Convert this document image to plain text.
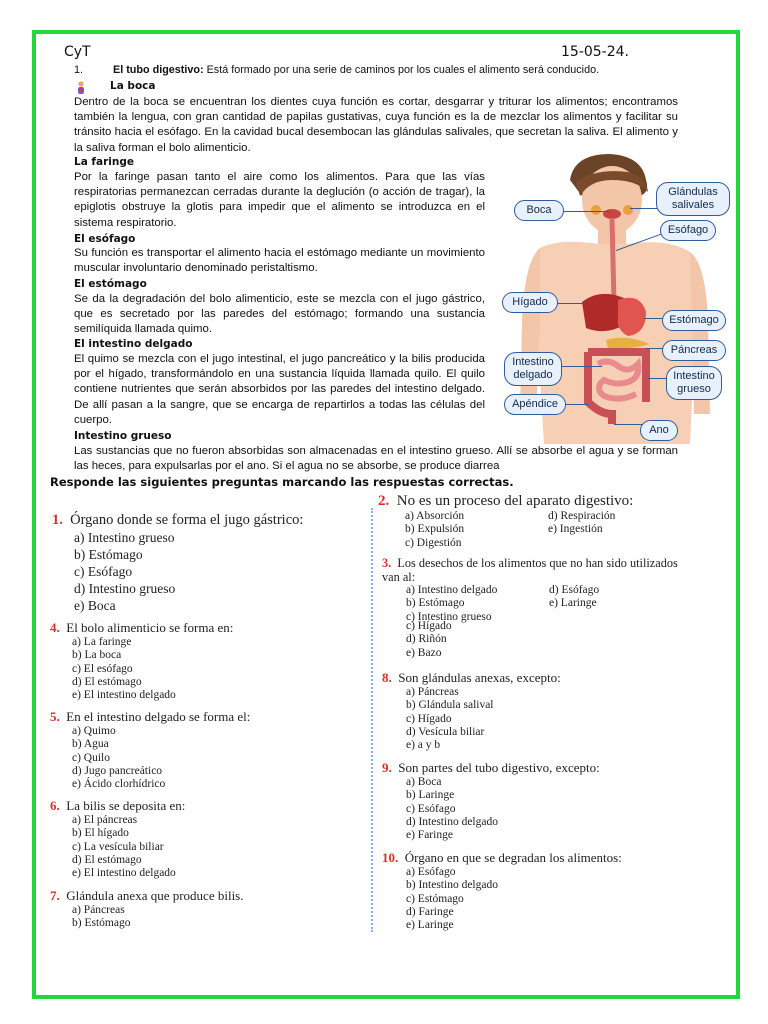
CyT	15-05-24.
1.	El tubo digestivo: Está formado por una serie de caminos por los cuales el alimento será conducido.
La boca
Dentro de la boca se encuentran los dientes cuya función es cortar, desgarrar y triturar los alimentos; encontramos también la lengua, con gran cantidad de papilas gustativas, cuya función es la de mezclar los alimentos y facilitar su tránsito hacia el esófago. En la cavidad bucal desembocan las glándulas salivales, que secretan la saliva. El alimento y la saliva forman el bolo alimenticio.
La faringe
Por la faringe pasan tanto el aire como los alimentos. Para que las vías respiratorias permanezcan cerradas durante la deglución (o acción de tragar), la epiglotis obstruye la glotis para impedir que el alimento se introduzca en el sistema respiratorio.
El esófago
Su función es transportar el alimento hacia el estómago mediante un movimiento muscular involuntario denominado peristaltismo.
El estómago
Se da la degradación del bolo alimenticio, este se mezcla con el jugo gástrico, que es secretado por las paredes del estómago; formando una sustancia semilíquida llamada quimo.
El intestino delgado
El quimo se mezcla con el jugo intestinal, el jugo pancreático y la bilis producida por el hígado, transformándolo en una sustancia líquida llamada quilo. El quilo contiene nutrientes que serán absorbidos por las paredes del intestino delgado. De allí pasan a la sangre, que se encarga de repartirlos a todas las células del cuerpo.
Intestino grueso
Las sustancias que no fueron absorbidas son almacenadas en el intestino grueso. Allí se absorbe el agua y se forman las heces, para expulsarlas por el ano. Si el agua no se absorbe, se produce diarrea
Boca
Glándulas salivales
Esófago
Hígado
Estómago
Páncreas
Intestino delgado	Intestino grueso
Apéndice
Ano
Responde las siguientes preguntas marcando las respuestas correctas.
1. Órgano donde se forma el jugo gástrico:
a) Intestino grueso
b) Estómago
c) Esófago
d) Intestino grueso
e) Boca
4. El bolo alimenticio se forma en:
a) La faringe
b) La boca
c) El esófago
d) El estómago
e) El intestino delgado
5. En el intestino delgado se forma el:
a) Quimo
b) Agua
c) Quilo
d) Jugo pancreático
e) Ácido clorhídrico
6. La bilis se deposita en:
a) El páncreas
b) El hígado
c) La vesícula biliar
d) El estómago
e) El intestino delgado
7. Glándula anexa que produce bilis.
a) Páncreas
b) Estómago
2. No es un proceso del aparato digestivo:
a) Absorción
b) Expulsión
c) Digestión
d) Respiración
e) Ingestión
3. Los desechos de los alimentos que no han sido utilizados van al:
a) Intestino delgado
b) Estómago
c) Intestino grueso
d) Esófago
e) Laringe
c) Hígado
d) Riñón
e) Bazo
8. Son glándulas anexas, excepto:
a) Páncreas
b) Glándula salival
c) Hígado
d) Vesícula biliar
e) a y b
9. Son partes del tubo digestivo, excepto:
a) Boca
b) Laringe
c) Esófago
d) Intestino delgado
e) Faringe
10. Órgano en que se degradan los alimentos:
a) Esófago
b) Intestino delgado
c) Estómago
d) Faringe
e) Laringe
